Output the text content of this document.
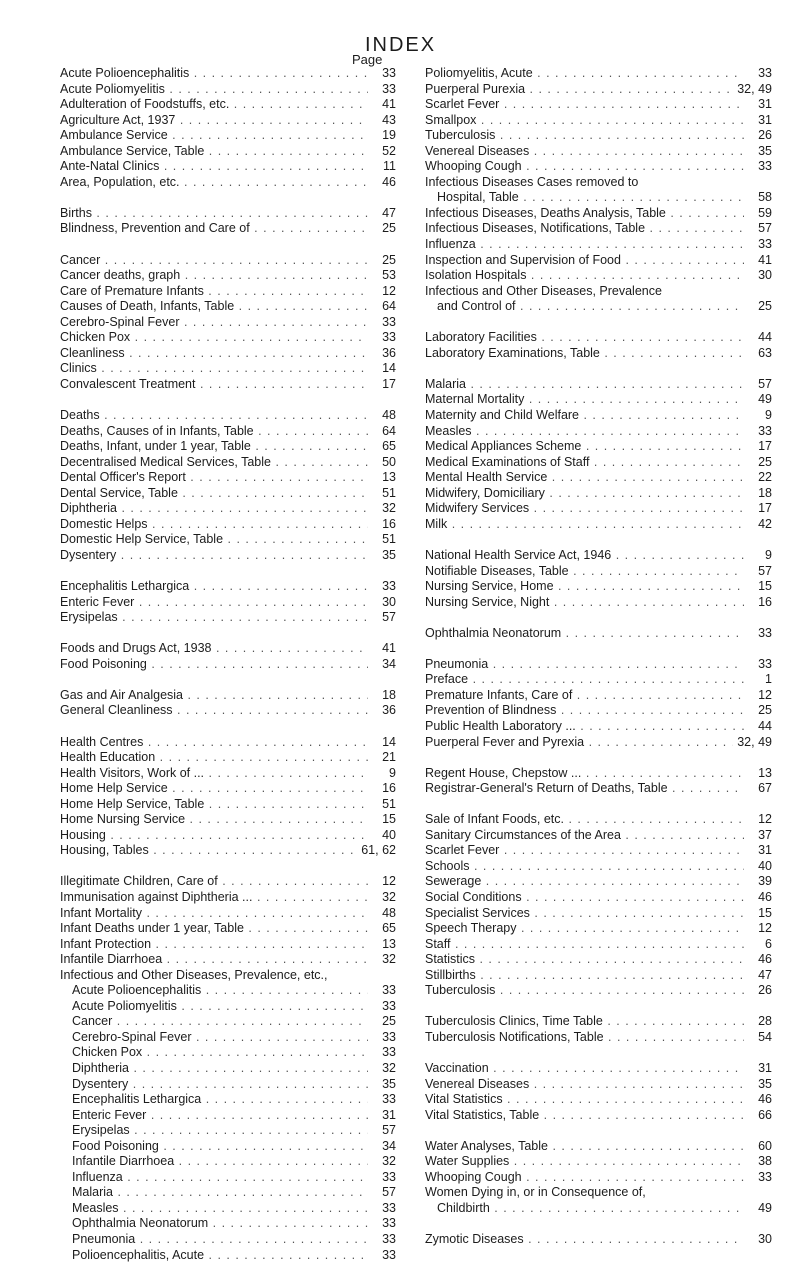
INDEX
Page
Acute Polioencephalitis . . .	33
Acute Poliomyelitis . . .	33
Adulteration of Foodstuffs, etc. . . .	41
Agriculture Act, 1937 . . .	43
Ambulance Service . . .	19
Ambulance Service, Table . . .	52
Ante-Natal Clinics . . .	11
Area, Population, etc. . . .	46
Births . . .	47
Blindness, Prevention and Care of . . .	25
Cancer . . .	25
Cancer deaths, graph . . .	53
Care of Premature Infants . . .	12
Causes of Death, Infants, Table . . .	64
Cerebro-Spinal Fever . . .	33
Chicken Pox . . .	33
Cleanliness . . .	36
Clinics . . .	14
Convalescent Treatment . . .	17
Deaths . . .	48
Deaths, Causes of in Infants, Table . . .	64
Deaths, Infant, under 1 year, Table . . .	65
Decentralised Medical Services, Table . . .	50
Dental Officer's Report . . .	13
Dental Service, Table . . .	51
Diphtheria . . .	32
Domestic Helps . . .	16
Domestic Help Service, Table . . .	51
Dysentery . . .	35
Encephalitis Lethargica . . .	33
Enteric Fever . . .	30
Erysipelas . . .	57
Foods and Drugs Act, 1938 . . .	41
Food Poisoning . . .	34
Gas and Air Analgesia . . .	18
General Cleanliness . . .	36
Health Centres . . .	14
Health Education . . .	21
Health Visitors, Work of ... . . .	9
Home Help Service . . .	16
Home Help Service, Table . . .	51
Home Nursing Service . . .	15
Housing . . .	40
Housing, Tables . . .	61, 62
Illegitimate Children, Care of . . .	12
Immunisation against Diphtheria ... . . .	32
Infant Mortality . . .	48
Infant Deaths under 1 year, Table . . .	65
Infant Protection . . .	13
Infantile Diarrhoea . . .	32
Infectious and Other Diseases, Prevalence, etc.,
Acute Polioencephalitis . . .	33
Acute Poliomyelitis . . .	33
Cancer . . .	25
Cerebro-Spinal Fever . . .	33
Chicken Pox . . .	33
Diphtheria . . .	32
Dysentery . . .	35
Encephalitis Lethargica . . .	33
Enteric Fever . . .	31
Erysipelas . . .	57
Food Poisoning . . .	34
Infantile Diarrhoea . . .	32
Influenza . . .	33
Malaria . . .	57
Measles . . .	33
Ophthalmia Neonatorum . . .	33
Pneumonia . . .	33
Polioencephalitis, Acute . . .	33
Poliomyelitis, Acute . . .	33
Puerperal Purexia . . .	32, 49
Scarlet Fever . . .	31
Smallpox . . .	31
Tuberculosis . . .	26
Venereal Diseases . . .	35
Whooping Cough . . .	33
Infectious Diseases Cases removed to
Hospital, Table . . .	58
Infectious Diseases, Deaths Analysis, Table . . .	59
Infectious Diseases, Notifications, Table . . .	57
Influenza . . .	33
Inspection and Supervision of Food . . .	41
Isolation Hospitals . . .	30
Infectious and Other Diseases, Prevalence
and Control of . . .	25
Laboratory Facilities . . .	44
Laboratory Examinations, Table . . .	63
Malaria . . .	57
Maternal Mortality . . .	49
Maternity and Child Welfare . . .	9
Measles . . .	33
Medical Appliances Scheme . . .	17
Medical Examinations of Staff . . .	25
Mental Health Service . . .	22
Midwifery, Domiciliary . . .	18
Midwifery Services . . .	17
Milk . . .	42
National Health Service Act, 1946 . . .	9
Notifiable Diseases, Table . . .	57
Nursing Service, Home . . .	15
Nursing Service, Night . . .	16
Ophthalmia Neonatorum . . .	33
Pneumonia . . .	33
Preface . . .	1
Premature Infants, Care of . . .	12
Prevention of Blindness . . .	25
Public Health Laboratory ... . . .	44
Puerperal Fever and Pyrexia . . .	32, 49
Regent House, Chepstow ... . . .	13
Registrar-General's Return of Deaths, Table . . .	67
Sale of Infant Foods, etc. . . .	12
Sanitary Circumstances of the Area . . .	37
Scarlet Fever . . .	31
Schools . . .	40
Sewerage . . .	39
Social Conditions . . .	46
Specialist Services . . .	15
Speech Therapy . . .	12
Staff . . .	6
Statistics . . .	46
Stillbirths . . .	47
Tuberculosis . . .	26
Tuberculosis Clinics, Time Table . . .	28
Tuberculosis Notifications, Table . . .	54
Vaccination . . .	31
Venereal Diseases . . .	35
Vital Statistics . . .	46
Vital Statistics, Table . . .	66
Water Analyses, Table . . .	60
Water Supplies . . .	38
Whooping Cough . . .	33
Women Dying in, or in Consequence of,
Childbirth . . .	49
Zymotic Diseases . . .	30
